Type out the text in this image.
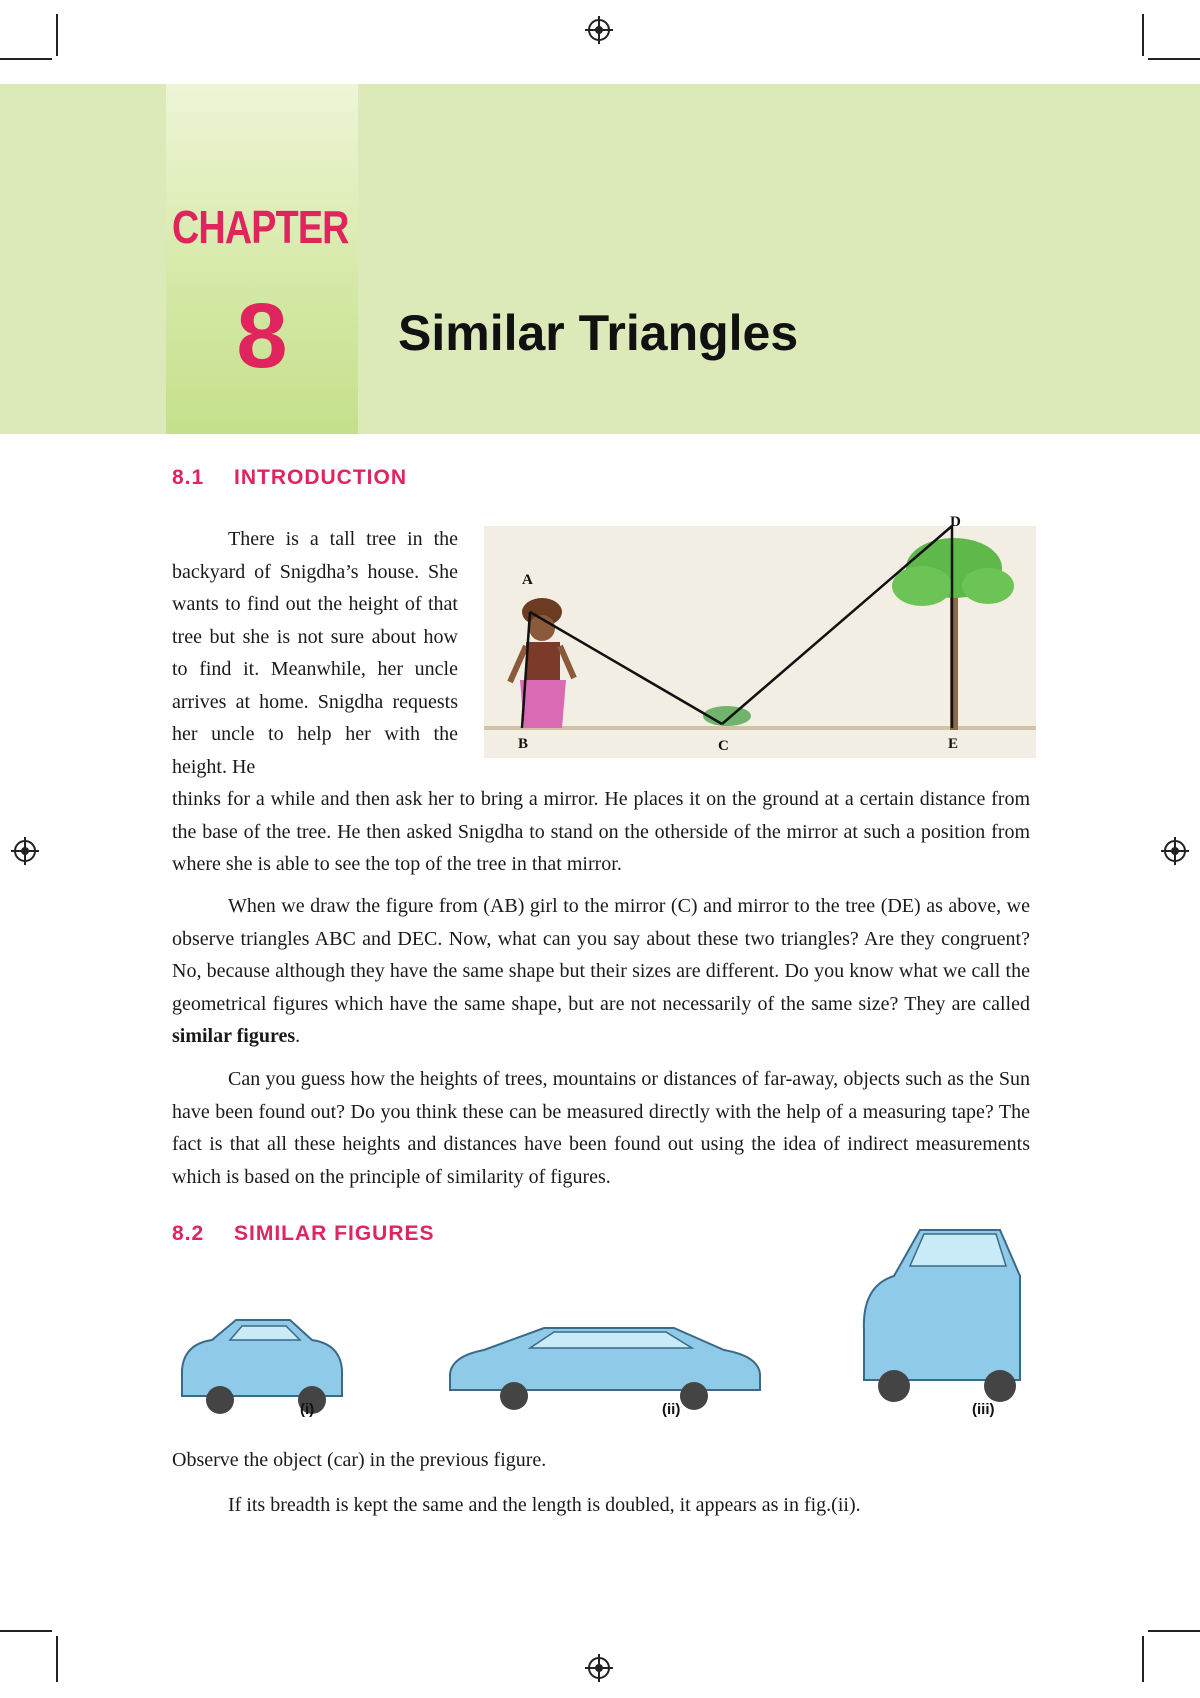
CHAPTER
8	Similar Triangles
8.1 INTRODUCTION

There is a tall tree in the backyard of Snigdha’s house. She wants to find out the height of that tree but she is not sure about how to find it. Meanwhile, her uncle arrives at home. Snigdha requests her uncle to help her with the height. He

A
B	C
D
E

thinks for a while and then ask her to bring a mirror. He places it on the ground at a certain distance from the base of the tree. He then asked Snigdha to stand on the otherside of the mirror at such a position from where she is able to see the top of the tree in that mirror.

When we draw the figure from (AB) girl to the mirror (C) and mirror to the tree (DE) as above, we observe triangles ABC and DEC. Now, what can you say about these two triangles? Are they congruent? No, because although they have the same shape but their sizes are different. Do you know what we call the geometrical figures which have the same shape, but are not necessarily of the same size? They are called similar figures.

Can you guess how the heights of trees, mountains or distances of far-away, objects such as the Sun have been found out? Do you think these can be measured directly with the help of a measuring tape? The fact is that all these heights and distances have been found out using the idea of indirect measurements which is based on the principle of similarity of figures.

8.2 SIMILAR FIGURES
(i)	(ii)	(iii)

Observe the object (car) in the previous figure.

If its breadth is kept the same and the length is doubled, it appears as in fig.(ii).
